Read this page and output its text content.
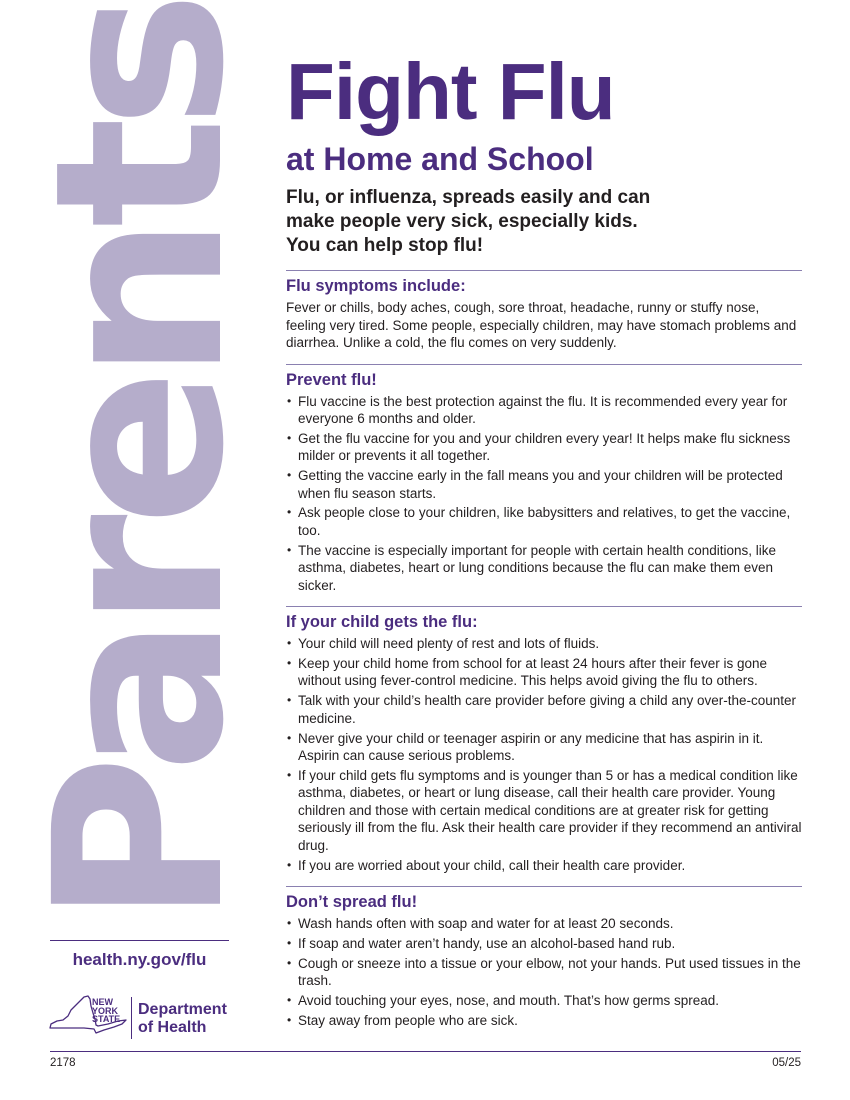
Parents
health.ny.gov/flu
NEW
YORK
STATE
Department
of Health
Fight Flu
at Home and School
Flu, or influenza, spreads easily and can
make people very sick, especially kids.
You can help stop flu!
Flu symptoms include:

Fever or chills, body aches, cough, sore throat, headache, runny or stuffy nose, feeling very tired. Some people, especially children, may have stomach problems and diarrhea. Unlike a cold, the flu comes on very suddenly.

Prevent flu!
• Flu vaccine is the best protection against the flu. It is recommended every year for everyone 6 months and older.
• Get the flu vaccine for you and your children every year! It helps make flu sickness milder or prevents it all together.
• Getting the vaccine early in the fall means you and your children will be protected when flu season starts.
• Ask people close to your children, like babysitters and relatives, to get the vaccine, too.
• The vaccine is especially important for people with certain health conditions, like asthma, diabetes, heart or lung conditions because the flu can make them even sicker.
If your child gets the flu:
• Your child will need plenty of rest and lots of fluids.
• Keep your child home from school for at least 24 hours after their fever is gone without using fever-control medicine. This helps avoid giving the flu to others.
• Talk with your child’s health care provider before giving a child any over-the-counter medicine.
• Never give your child or teenager aspirin or any medicine that has aspirin in it. Aspirin can cause serious problems.
• If your child gets flu symptoms and is younger than 5 or has a medical condition like asthma, diabetes, or heart or lung disease, call their health care provider. Young children and those with certain medical conditions are at greater risk for getting seriously ill from the flu. Ask their health care provider if they recommend an antiviral drug.
• If you are worried about your child, call their health care provider.
Don’t spread flu!
• Wash hands often with soap and water for at least 20 seconds.
• If soap and water aren’t handy, use an alcohol-based hand rub.
• Cough or sneeze into a tissue or your elbow, not your hands. Put used tissues in the trash.
• Avoid touching your eyes, nose, and mouth. That’s how germs spread.
• Stay away from people who are sick.
2178	05/25
